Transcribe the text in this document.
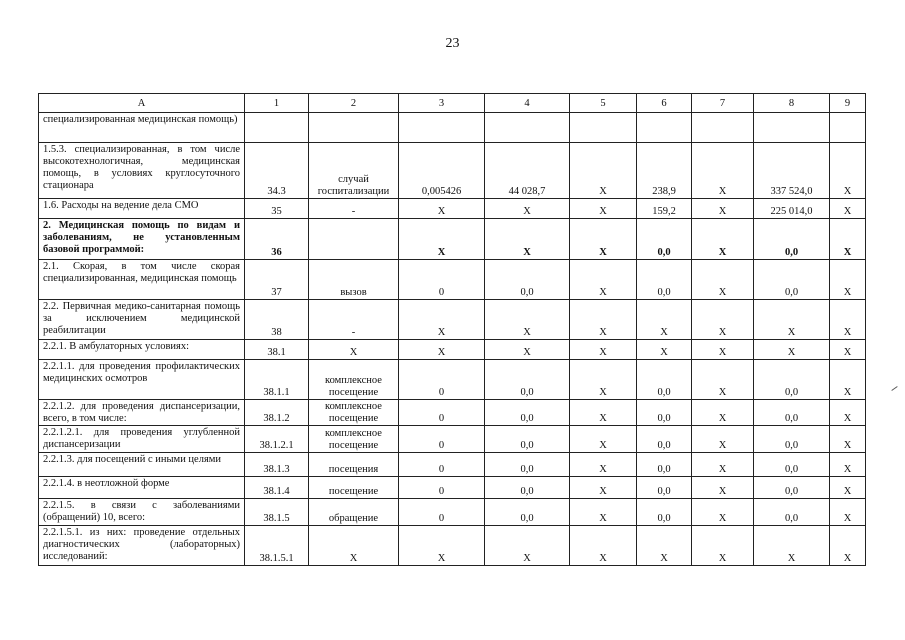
23
A	1	2	3	4	5	6	7	8	9
специализированная медицинская помощь)									
1.5.3. специализированная, в том числе высокотехнологичная, медицинская помощь, в условиях круглосуточного стационара	34.3	случай госпитализации	0,005426	44 028,7	X	238,9	X	337 524,0	X
1.6. Расходы на ведение дела СМО	35	-	X	X	X	159,2	X	225 014,0	X
2. Медицинская помощь по видам и заболеваниям, не установленным базовой программой:	36		X	X	X	0,0	X	0,0	X
2.1. Скорая, в том числе скорая специализированная, медицинская помощь	37	вызов	0	0,0	X	0,0	X	0,0	X
2.2. Первичная медико-санитарная помощь за исключением медицинской реабилитации	38	-	X	X	X	X	X	X	X
2.2.1. В амбулаторных условиях:	38.1	X	X	X	X	X	X	X	X
2.2.1.1. для проведения профилактических медицинских осмотров	38.1.1	комплексное посещение	0	0,0	X	0,0	X	0,0	X
2.2.1.2. для проведения диспансеризации, всего, в том числе:	38.1.2	комплексное посещение	0	0,0	X	0,0	X	0,0	X
2.2.1.2.1. для проведения углубленной диспансеризации	38.1.2.1	комплексное посещение	0	0,0	X	0,0	X	0,0	X
2.2.1.3. для посещений с иными целями	38.1.3	посещения	0	0,0	X	0,0	X	0,0	X
2.2.1.4. в неотложной форме	38.1.4	посещение	0	0,0	X	0,0	X	0,0	X
2.2.1.5. в связи с заболеваниями (обращений) 10, всего:	38.1.5	обращение	0	0,0	X	0,0	X	0,0	X
2.2.1.5.1. из них: проведение отдельных диагностических (лабораторных) исследований:	38.1.5.1	X	X	X	X	X	X	X	X
